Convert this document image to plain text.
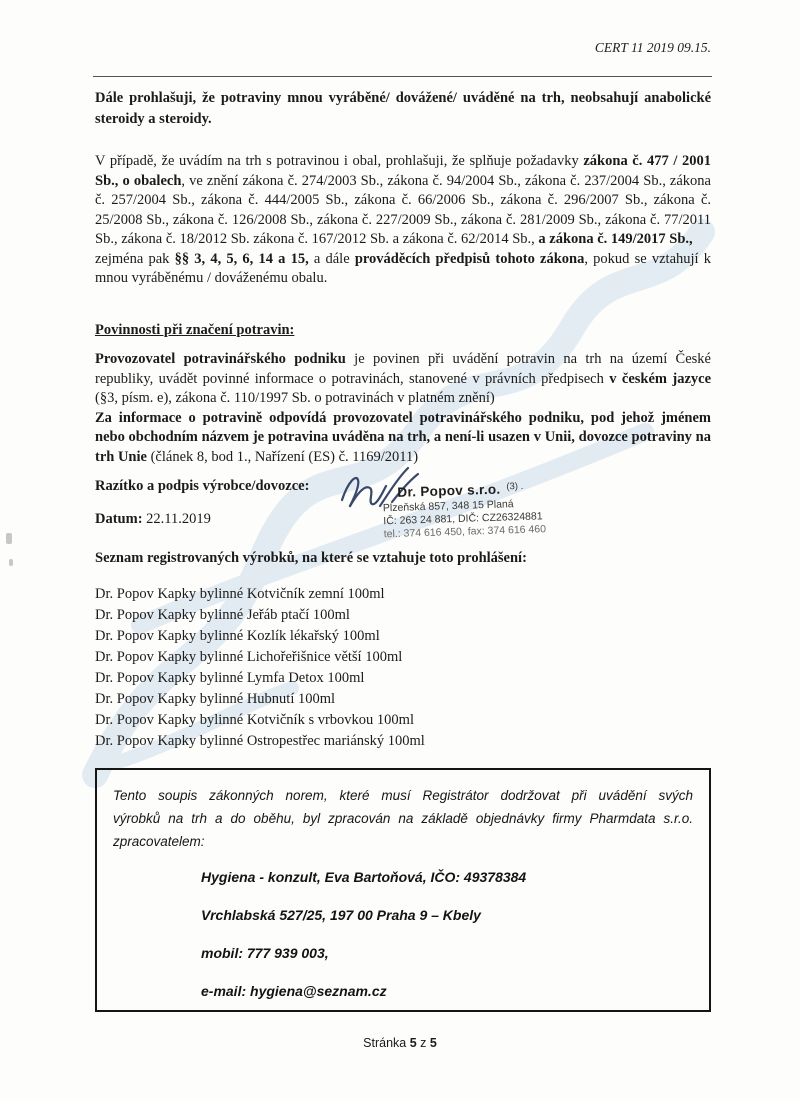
CERT 11 2019 09.15.

Dále prohlašuji, že potraviny mnou vyráběné/ dovážené/ uváděné na trh, neobsahují anabolické steroidy a steroidy.

V případě, že uvádím na trh s potravinou i obal, prohlašuji, že splňuje požadavky zákona č. 477 / 2001 Sb., o obalech, ve znění zákona č. 274/2003 Sb., zákona č. 94/2004 Sb., zákona č. 237/2004 Sb., zákona č. 257/2004 Sb., zákona č. 444/2005 Sb., zákona č. 66/2006 Sb., zákona č. 296/2007 Sb., zákona č. 25/2008 Sb., zákona č. 126/2008 Sb., zákona č. 227/2009 Sb., zákona č. 281/2009 Sb., zákona č. 77/2011 Sb., zákona č. 18/2012 Sb. zákona č. 167/2012 Sb. a zákona č. 62/2014 Sb., a zákona č. 149/2017 Sb.,
zejména pak §§ 3, 4, 5, 6, 14 a 15, a dále prováděcích předpisů tohoto zákona, pokud se vztahují k mnou vyráběnému / dováženému obalu.

Povinnosti při značení potravin:

Provozovatel potravinářského podniku je povinen při uvádění potravin na trh na území České republiky, uvádět povinné informace o potravinách, stanovené v právních předpisech v českém jazyce (§3, písm. e), zákona č. 110/1997 Sb. o potravinách v platném znění)
Za informace o potravině odpovídá provozovatel potravinářského podniku, pod jehož jménem nebo obchodním názvem je potravina uváděna na trh, a není-li usazen v Unii, dovozce potraviny na trh Unie (článek 8, bod 1., Nařízení (ES) č. 1169/2011)

Razítko a podpis výrobce/dovozce:	Dr. Popov s.r.o. $^{(3) .}$
Plzeňská 857, 348 15 Planá
IČ: 263 24 881, DIČ: CZ26324881
tel.: 374 616 450, fax: 374 616 460
Datum: 22.11.2019
Seznam registrovaných výrobků, na které se vztahuje toto prohlášení:
Dr. Popov Kapky bylinné Kotvičník zemní 100ml
Dr. Popov Kapky bylinné Jeřáb ptačí 100ml
Dr. Popov Kapky bylinné Kozlík lékařský 100ml
Dr. Popov Kapky bylinné Lichořeřišnice větší 100ml
Dr. Popov Kapky bylinné Lymfa Detox 100ml
Dr. Popov Kapky bylinné Hubnutí 100ml
Dr. Popov Kapky bylinné Kotvičník s vrbovkou 100ml
Dr. Popov Kapky bylinné Ostropestřec mariánský 100ml

Tento soupis zákonných norem, které musí Registrátor dodržovat při uvádění svých výrobků na trh a do oběhu, byl zpracován na základě objednávky firmy Pharmdata s.r.o. zpracovatelem:

Hygiena - konzult, Eva Bartoňová, IČO: 49378384
Vrchlabská 527/25, 197 00 Praha 9 – Kbely
mobil: 777 939 003,
e-mail: hygiena@seznam.cz
Stránka 5 z 5
